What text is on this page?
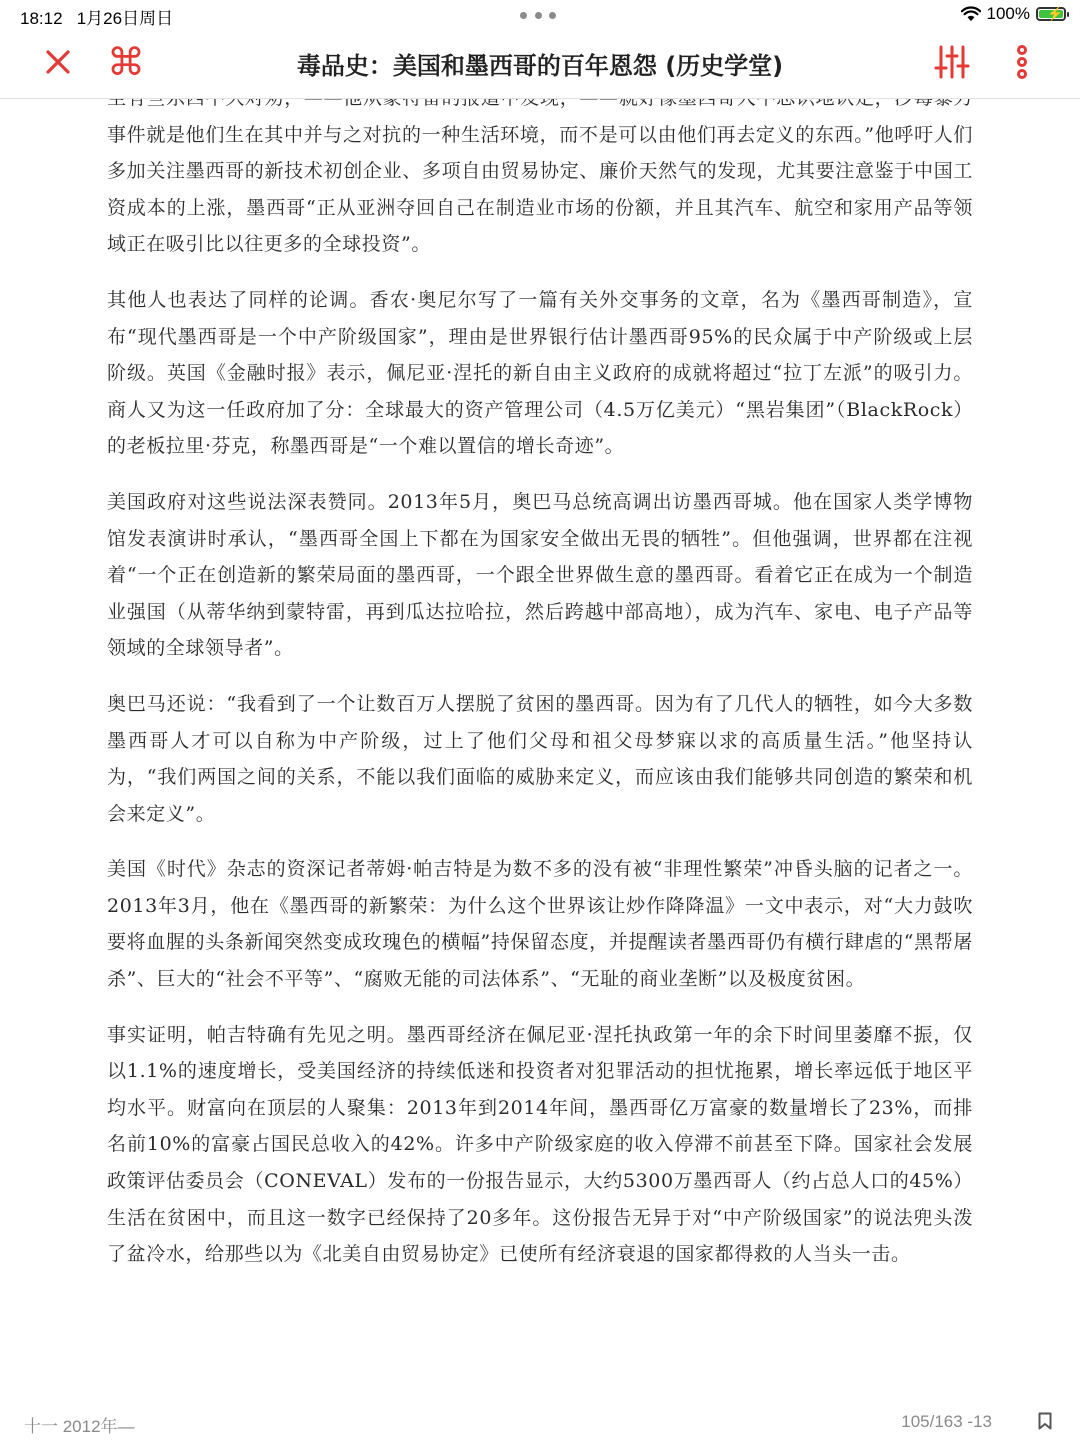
18:12 1月26日周日	100% ⚡
⌘	毒品史：美国和墨西哥的百年恩怨 (历史学堂)

事件就是他们生在其中并与之对抗的一种生活环境，而不是可以由他们再去定义的东西。”他呼吁人们多加关注墨西哥的新技术初创企业、多项自由贸易协定、廉价天然气的发现，尤其要注意鉴于中国工资成本的上涨，墨西哥“正从亚洲夺回自己在制造业市场的份额，并且其汽车、航空和家用产品等领域正在吸引比以往更多的全球投资”。

其他人也表达了同样的论调。香农·奥尼尔写了一篇有关外交事务的文章，名为《墨西哥制造》，宣布“现代墨西哥是一个中产阶级国家”，理由是世界银行估计墨西哥95%的民众属于中产阶级或上层阶级。英国《金融时报》表示，佩尼亚·涅托的新自由主义政府的成就将超过“拉丁左派”的吸引力。商人又为这一任政府加了分：全球最大的资产管理公司（4.5万亿美元）“黑岩集团”（BlackRock）的老板拉里·芬克，称墨西哥是“一个难以置信的增长奇迹”。

美国政府对这些说法深表赞同。2013年5月，奥巴马总统高调出访墨西哥城。他在国家人类学博物馆发表演讲时承认，“墨西哥全国上下都在为国家安全做出无畏的牺牲”。但他强调，世界都在注视着“一个正在创造新的繁荣局面的墨西哥，一个跟全世界做生意的墨西哥。看着它正在成为一个制造业强国（从蒂华纳到蒙特雷，再到瓜达拉哈拉，然后跨越中部高地），成为汽车、家电、电子产品等领域的全球领导者”。

奥巴马还说：“我看到了一个让数百万人摆脱了贫困的墨西哥。因为有了几代人的牺牲，如今大多数墨西哥人才可以自称为中产阶级，过上了他们父母和祖父母梦寐以求的高质量生活。”他坚持认为，“我们两国之间的关系，不能以我们面临的威胁来定义，而应该由我们能够共同创造的繁荣和机会来定义”。

美国《时代》杂志的资深记者蒂姆·帕吉特是为数不多的没有被“非理性繁荣”冲昏头脑的记者之一。2013年3月，他在《墨西哥的新繁荣：为什么这个世界该让炒作降降温》一文中表示，对“大力鼓吹要将血腥的头条新闻突然变成玫瑰色的横幅”持保留态度，并提醒读者墨西哥仍有横行肆虐的“黑帮屠杀”、巨大的“社会不平等”、“腐败无能的司法体系”、“无耻的商业垄断”以及极度贫困。

事实证明，帕吉特确有先见之明。墨西哥经济在佩尼亚·涅托执政第一年的余下时间里萎靡不振，仅以1.1%的速度增长，受美国经济的持续低迷和投资者对犯罪活动的担忧拖累，增长率远低于地区平均水平。财富向在顶层的人聚集：2013年到2014年间，墨西哥亿万富豪的数量增长了23%，而排名前10%的富豪占国民总收入的42%。许多中产阶级家庭的收入停滞不前甚至下降。国家社会发展政策评估委员会（CONEVAL）发布的一份报告显示，大约5300万墨西哥人（约占总人口的45%）生活在贫困中，而且这一数字已经保持了20多年。这份报告无异于对“中产阶级国家”的说法兜头泼了盆冷水，给那些以为《北美自由贸易协定》已使所有经济衰退的国家都得救的人当头一击。

十一 2012年—	105/163 -13
